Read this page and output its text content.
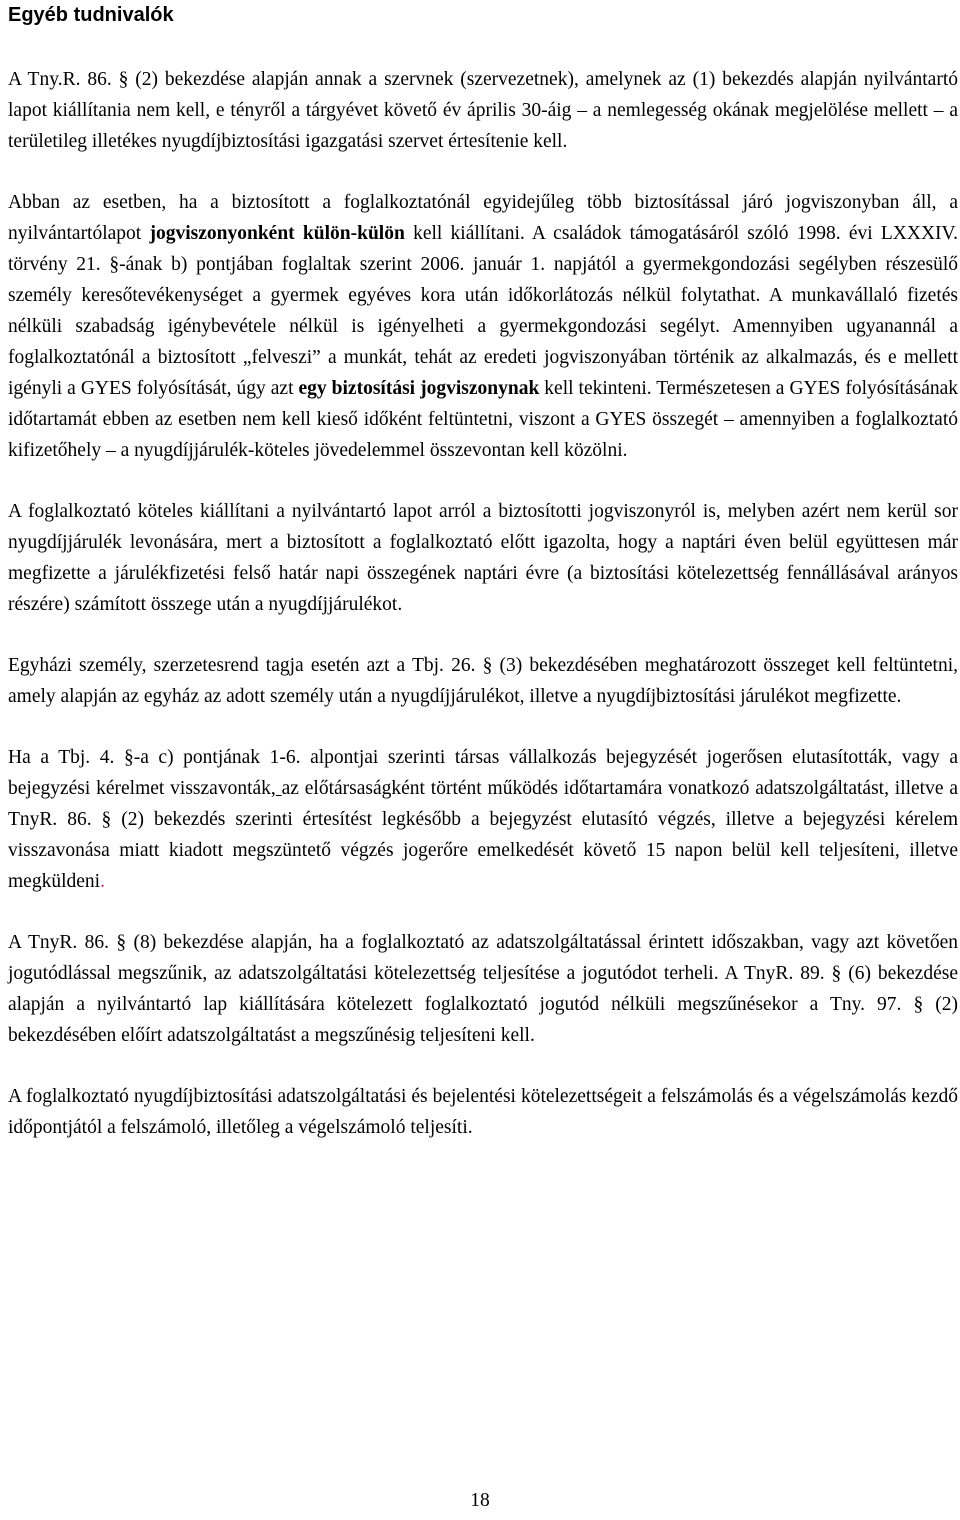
Egyéb tudnivalók

A Tny.R. 86. § (2) bekezdése alapján annak a szervnek (szervezetnek), amelynek az (1) bekezdés alapján nyilvántartó lapot kiállítania nem kell, e tényről a tárgyévet követő év április 30-áig – a nemlegesség okának megjelölése mellett – a területileg illetékes nyugdíjbiztosítási igazgatási szervet értesítenie kell.

Abban az esetben, ha a biztosított a foglalkoztatónál egyidejűleg több biztosítással járó jogviszonyban áll, a nyilvántartólapot jogviszonyonként külön-külön kell kiállítani. A családok támogatásáról szóló 1998. évi LXXXIV. törvény 21. §-ának b) pontjában foglaltak szerint 2006. január 1. napjától a gyermekgondozási segélyben részesülő személy keresőtevékenységet a gyermek egyéves kora után időkorlátozás nélkül folytathat. A munkavállaló fizetés nélküli szabadság igénybevétele nélkül is igényelheti a gyermekgondozási segélyt. Amennyiben ugyanannál a foglalkoztatónál a biztosított „felveszi” a munkát, tehát az eredeti jogviszonyában történik az alkalmazás, és e mellett igényli a GYES folyósítását, úgy azt egy biztosítási jogviszonynak kell tekinteni. Természetesen a GYES folyósításának időtartamát ebben az esetben nem kell kieső időként feltüntetni, viszont a GYES összegét – amennyiben a foglalkoztató kifizetőhely – a nyugdíjjárulék-köteles jövedelemmel összevontan kell közölni.

A foglalkoztató köteles kiállítani a nyilvántartó lapot arról a biztosítotti jogviszonyról is, melyben azért nem kerül sor nyugdíjjárulék levonására, mert a biztosított a foglalkoztató előtt igazolta, hogy a naptári éven belül együttesen már megfizette a járulékfizetési felső határ napi összegének naptári évre (a biztosítási kötelezettség fennállásával arányos részére) számított összege után a nyugdíjjárulékot.

Egyházi személy, szerzetesrend tagja esetén azt a Tbj. 26. § (3) bekezdésében meghatározott összeget kell feltüntetni, amely alapján az egyház az adott személy után a nyugdíjjárulékot, illetve a nyugdíjbiztosítási járulékot megfizette.

Ha a Tbj. 4. §-a c) pontjának 1-6. alpontjai szerinti társas vállalkozás bejegyzését jogerősen elutasították, vagy a bejegyzési kérelmet visszavonták, az előtársaságként történt működés időtartamára vonatkozó adatszolgáltatást, illetve a TnyR. 86. § (2) bekezdés szerinti értesítést legkésőbb a bejegyzést elutasító végzés, illetve a bejegyzési kérelem visszavonása miatt kiadott megszüntető végzés jogerőre emelkedését követő 15 napon belül kell teljesíteni, illetve megküldeni.

A TnyR. 86. § (8) bekezdése alapján, ha a foglalkoztató az adatszolgáltatással érintett időszakban, vagy azt követően jogutódlással megszűnik, az adatszolgáltatási kötelezettség teljesítése a jogutódot terheli. A TnyR. 89. § (6) bekezdése alapján a nyilvántartó lap kiállítására kötelezett foglalkoztató jogutód nélküli megszűnésekor a Tny. 97. § (2) bekezdésében előírt adatszolgáltatást a megszűnésig teljesíteni kell.

A foglalkoztató nyugdíjbiztosítási adatszolgáltatási és bejelentési kötelezettségeit a felszámolás és a végelszámolás kezdő időpontjától a felszámoló, illetőleg a végelszámoló teljesíti.

18
